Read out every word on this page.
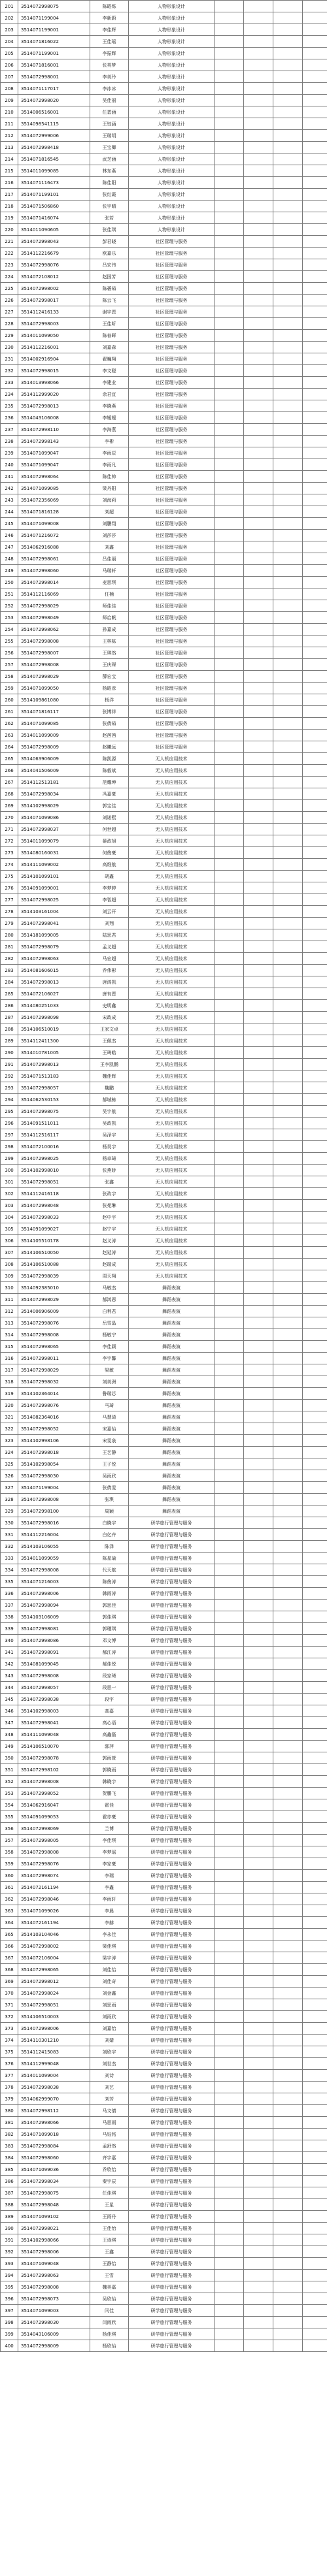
201	3514072998075	陈昭烁	人物形象设计				
202	3514071199004	李新蔚	人物形象设计				
203	3514071199001	李佳辉	人物形象设计				
204	3514071816022	王佳瑶	人物形象设计				
205	3514071199001	李振辉	人物形象设计				
206	3514071816001	张英梦	人物形象设计				
207	3514072998001	李美玲	人物形象设计				
208	3514071117017	李冰冰	人物形象设计				
209	3514072998020	吴佳丽	人物形象设计				
210	3514006516001	任碧涵	人物形象设计				
211	3514098541115	王钰涵	人物形象设计				
212	3514072999006	王瑞明	人物形象设计				
213	3514072998418	王宝卿	人物形象设计				
214	3514071816545	武芝涵	人物形象设计				
215	3514011099085	林东燕	人物形象设计				
216	3514071116473	陈佳阳	人物形象设计				
217	3514071199101	张红霞	人物形象设计				
218	3514071506860	张宇晴	人物形象设计				
219	3514071416074	张若	人物形象设计				
220	3514011090605	张佳琪	人物形象设计				
221	3514072998043	彭君晓	社区管理与服务				
222	3514112216679	欧嘉乐	社区管理与服务				
223	3514072998076	吕宏伟	社区管理与服务				
224	3514072108012	赵国芳	社区管理与服务				
225	3514072998002	陈碧茹	社区管理与服务				
226	3514072998017	陈云飞	社区管理与服务				
227	3514112416133	谢宇恩	社区管理与服务				
228	3514072998003	王佳昕	社区管理与服务				
229	3514011099050	陈春晖	社区管理与服务				
230	3514112216001	刘嘉森	社区管理与服务				
231	3514002916904	翟巍翔	社区管理与服务				
232	3514072998015	李文聪	社区管理与服务				
233	3514013998066	李建业	社区管理与服务				
234	3514112999020	余君宜	社区管理与服务				
235	3514072998013	李晓燕	社区管理与服务				
236	3514043106008	李嫒嫒	社区管理与服务				
237	3514072998110	李海燕	社区管理与服务				
238	3514072998143	李彬	社区管理与服务				
239	3514071099047	李雨辰	社区管理与服务				
240	3514071099047	李雨凡	社区管理与服务				
241	3514072998064	陈佳帅	社区管理与服务				
242	3514071099085	梁丹阳	社区管理与服务				
243	3514072356069	刘海莉	社区管理与服务				
244	3514071816128	刘超	社区管理与服务				
245	3514071099008	刘鹏翔	社区管理与服务				
246	3514071216072	刘莎莎	社区管理与服务				
247	3514062916088	刘鑫	社区管理与服务				
248	3514072998061	吕佳丽	社区管理与服务				
249	3514072998060	马瑞轩	社区管理与服务				
250	3514072998014	麦思琪	社区管理与服务				
251	3514112116069	任楠	社区管理与服务				
252	3514072998029	师佳佳	社区管理与服务				
253	3514072998049	师启帆	社区管理与服务				
254	3514072998062	孙嘉成	社区管理与服务				
255	3514072998008	王梓栋	社区管理与服务				
256	3514072998007	王琪然	社区管理与服务				
257	3514072998008	王庆琛	社区管理与服务				
258	3514072998029	薛宏宝	社区管理与服务				
259	3514071099050	杨昭彦	社区管理与服务				
260	3514109861080	杨洋	社区管理与服务				
261	3514071816117	张博祥	社区管理与服务				
262	3514071099085	张倩茹	社区管理与服务				
263	3514011099009	赵茜茜	社区管理与服务				
264	3514072998009	赵曦远	社区管理与服务				
265	3514063906009	陈凯源	无人机应用技术				
266	3514041506009	陈毅斌	无人机应用技术				
267	3514112513181	范耀坤	无人机应用技术				
268	3514072998034	冯嘉豪	无人机应用技术				
269	3514102998029	郭宝佳	无人机应用技术				
270	3514071099086	刘诺熙	无人机应用技术				
271	3514072998037	何世超	无人机应用技术				
272	3514011099079	晏政旭	无人机应用技术				
273	3514080160031	何俊豪	无人机应用技术				
274	3514111099002	高维航	无人机应用技术				
275	3514101099101	胡鑫	无人机应用技术				
276	3514091099001	李梦婷	无人机应用技术				
277	3514072998025	李智超	无人机应用技术				
278	3514103161004	刘云开	无人机应用技术				
279	3514072998041	刘翔	无人机应用技术				
280	3514181099005	陆思君	无人机应用技术				
281	3514072998079	孟义超	无人机应用技术				
282	3514072998063	马宏超	无人机应用技术				
283	3514081606015	乔伟彬	无人机应用技术				
284	3514072998013	唐鸿凯	无人机应用技术				
285	3514072106027	唐有恩	无人机应用技术				
286	3514080251033	史明鑫	无人机应用技术				
287	3514072998098	宋政成	无人机应用技术				
288	3514106510019	王家文卓	无人机应用技术				
289	3514112411300	王佩杰	无人机应用技术				
290	3514010781005	王琦皓	无人机应用技术				
291	3514072998013	王李凯鹏	无人机应用技术				
292	3514071513183	魏佳辉	无人机应用技术				
293	3514072998057	魏鹏	无人机应用技术				
294	3514062530153	郝城栋	无人机应用技术				
295	3514072998075	吴宇航	无人机应用技术				
296	3514091511011	吴政凯	无人机应用技术				
297	3514112516117	吴泽宇	无人机应用技术				
298	3514072100016	杨昊宇	无人机应用技术				
299	3514072998025	杨卓琦	无人机应用技术				
300	3514102998010	张燕娇	无人机应用技术				
301	3514072998051	张鑫	无人机应用技术				
302	3514112416118	张政宇	无人机应用技术				
303	3514072998048	张苑琳	无人机应用技术				
304	3514072998033	赵中宇	无人机应用技术				
305	3514091099027	赵宁宇	无人机应用技术				
306	3514105510178	赵义涛	无人机应用技术				
307	3514106510050	赵延涛	无人机应用技术				
308	3514106510088	赵瑞成	无人机应用技术				
309	3514072998039	周天翔	无人机应用技术				
310	3514092385010	马敏杰	舞蹈表演				
311	3514072998029	郝鸿恩	舞蹈表演				
312	3514006906009	白利君	舞蹈表演				
313	3514072998076	岳雪晶	舞蹈表演				
314	3514072998008	杨敏宁	舞蹈表演				
315	3514072998065	李佳颖	舞蹈表演				
316	3514072998011	李宇馨	舞蹈表演				
317	3514072998029	梁敏	舞蹈表演				
318	3514072998032	刘美洲	舞蹈表演				
319	3514102364014	鲁瑞芯	舞蹈表演				
320	3514072998076	马琦	舞蹈表演				
321	3514082364016	马慧琦	舞蹈表演				
322	3514072998052	宋嘉怡	舞蹈表演				
323	3514102998106	宋雯泉	舞蹈表演				
324	3514072998018	王艺静	舞蹈表演				
325	3514102998054	王子悦	舞蹈表演				
326	3514072998030	吴雨欣	舞蹈表演				
327	3514071199004	张倩雯	舞蹈表演				
328	3514072998008	张琪	舞蹈表演				
329	3514072998100	周颖	舞蹈表演				
330	3514072998016	白晓宇	研学旅行管理与服务				
331	3514112216004	白亿卉	研学旅行管理与服务				
332	3514103106055	陈泽	研学旅行管理与服务				
333	3514011099059	陈星瑜	研学旅行管理与服务				
334	3514072998008	代天航	研学旅行管理与服务				
335	3514071216003	陈俊涛	研学旅行管理与服务				
336	3514072998006	韩雨涛	研学旅行管理与服务				
337	3514072998094	郭思佳	研学旅行管理与服务				
338	3514103106009	郭佳琪	研学旅行管理与服务				
339	3514072998081	郭瑾琪	研学旅行管理与服务				
340	3514072998086	邓文博	研学旅行管理与服务				
341	3514072998091	郝江涛	研学旅行管理与服务				
342	3514081099045	郝佳悦	研学旅行管理与服务				
343	3514072998008	段家琦	研学旅行管理与服务				
344	3514072998057	段思一	研学旅行管理与服务				
345	3514072998038	段宇	研学旅行管理与服务				
346	3514102998003	高嘉	研学旅行管理与服务				
347	3514072998041	高心语	研学旅行管理与服务				
348	3514111099048	高鑫磊	研学旅行管理与服务				
349	3514106510070	郭萍	研学旅行管理与服务				
350	3514072998078	郭雨萱	研学旅行管理与服务				
351	3514072998102	郭晓雨	研学旅行管理与服务				
352	3514072998008	韩晓宇	研学旅行管理与服务				
353	3514072998052	贺鹏飞	研学旅行管理与服务				
354	3514062916047	霍佳	研学旅行管理与服务				
355	3514091099053	霍亦豪	研学旅行管理与服务				
356	3514072998069	兰博	研学旅行管理与服务				
357	3514072998005	李佳琪	研学旅行管理与服务				
358	3514072998008	李梦瑶	研学旅行管理与服务				
359	3514072998076	李家豪	研学旅行管理与服务				
360	3514072998074	李瑞	研学旅行管理与服务				
361	3514072161194	李鑫	研学旅行管理与服务				
362	3514072998046	李雨轩	研学旅行管理与服务				
363	3514071099026	李晨	研学旅行管理与服务				
364	3514072161194	李赫	研学旅行管理与服务				
365	3514103104046	李永佳	研学旅行管理与服务				
366	3514072998002	梁佳琪	研学旅行管理与服务				
367	3514072106004	梁宇涛	研学旅行管理与服务				
368	3514072998065	刘佳怡	研学旅行管理与服务				
369	3514072998012	刘佳奇	研学旅行管理与服务				
370	3514072998024	刘金鑫	研学旅行管理与服务				
371	3514072998051	刘思雨	研学旅行管理与服务				
372	3514106510003	刘雨欣	研学旅行管理与服务				
373	3514072998006	刘嘉怡	研学旅行管理与服务				
374	3514110301210	刘婧	研学旅行管理与服务				
375	3514112415083	刘欣宇	研学旅行管理与服务				
376	3514112999048	刘世杰	研学旅行管理与服务				
377	3514011099004	刘诗	研学旅行管理与服务				
378	3514072998038	刘艺	研学旅行管理与服务				
379	3514062999070	刘芳	研学旅行管理与服务				
380	3514072998112	马文倩	研学旅行管理与服务				
381	3514072998066	马思雨	研学旅行管理与服务				
382	3514071099018	马钰铭	研学旅行管理与服务				
383	3514072998084	孟舒然	研学旅行管理与服务				
384	3514072998060	齐宇嘉	研学旅行管理与服务				
385	3514071099036	乔欣怡	研学旅行管理与服务				
386	3514072998034	秦宇辰	研学旅行管理与服务				
387	3514072998075	任佳琪	研学旅行管理与服务				
388	3514072998048	王星	研学旅行管理与服务				
389	3514071099102	王雨丹	研学旅行管理与服务				
390	3514072998021	王佳怡	研学旅行管理与服务				
391	3514102998066	王诗琪	研学旅行管理与服务				
392	3514072998006	王鑫	研学旅行管理与服务				
393	3514071099048	王静怡	研学旅行管理与服务				
394	3514072998063	王雪	研学旅行管理与服务				
395	3514072998008	魏美嘉	研学旅行管理与服务				
396	3514072998073	吴欣怡	研学旅行管理与服务				
397	3514071099003	闫佳	研学旅行管理与服务				
398	3514072998030	闫雨欣	研学旅行管理与服务				
399	3514043106009	杨佳琪	研学旅行管理与服务				
400	3514072998009	杨欣怡	研学旅行管理与服务				
